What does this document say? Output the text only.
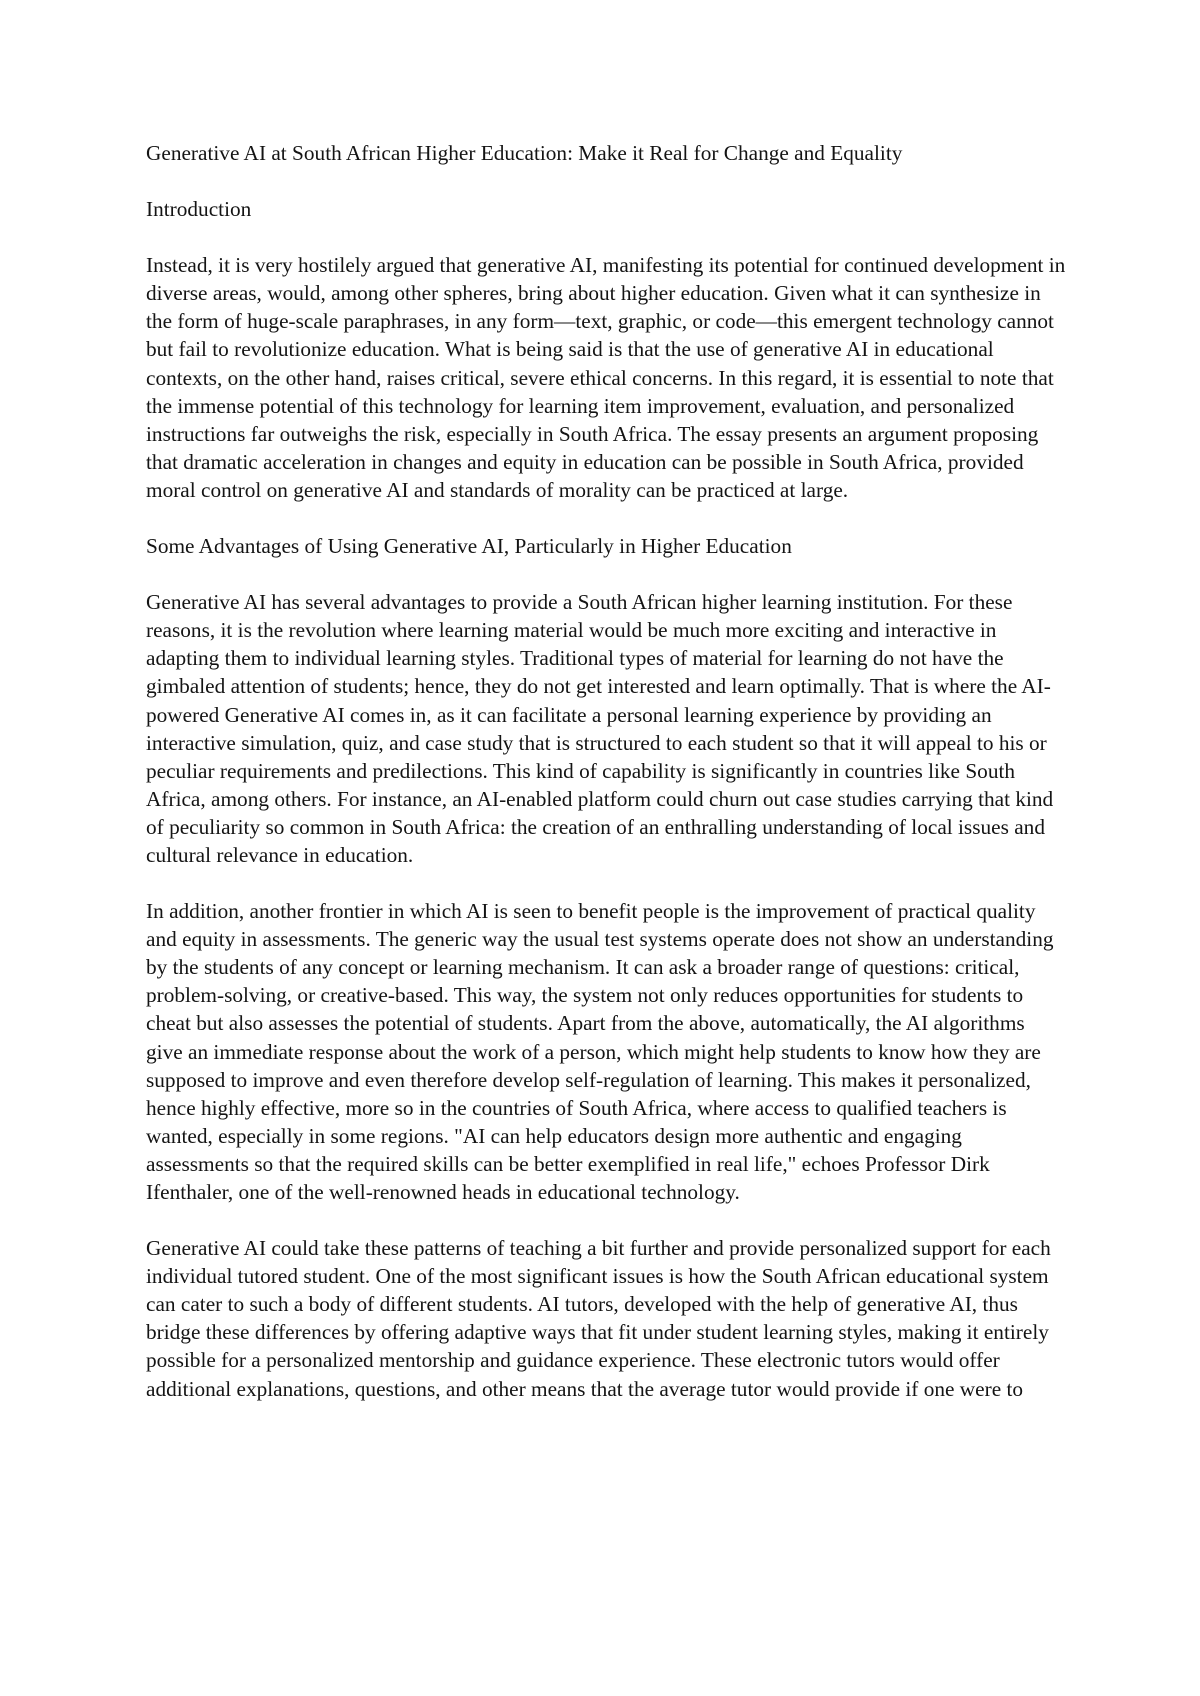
Generative AI at South African Higher Education: Make it Real for Change and Equality

Introduction

Instead, it is very hostilely argued that generative AI, manifesting its potential for continued development in diverse areas, would, among other spheres, bring about higher education. Given what it can synthesize in the form of huge-scale paraphrases, in any form—text, graphic, or code—this emergent technology cannot but fail to revolutionize education. What is being said is that the use of generative AI in educational contexts, on the other hand, raises critical, severe ethical concerns. In this regard, it is essential to note that the immense potential of this technology for learning item improvement, evaluation, and personalized instructions far outweighs the risk, especially in South Africa. The essay presents an argument proposing that dramatic acceleration in changes and equity in education can be possible in South Africa, provided moral control on generative AI and standards of morality can be practiced at large.

Some Advantages of Using Generative AI, Particularly in Higher Education

Generative AI has several advantages to provide a South African higher learning institution. For these reasons, it is the revolution where learning material would be much more exciting and interactive in adapting them to individual learning styles. Traditional types of material for learning do not have the gimbaled attention of students; hence, they do not get interested and learn optimally. That is where the AI-powered Generative AI comes in, as it can facilitate a personal learning experience by providing an interactive simulation, quiz, and case study that is structured to each student so that it will appeal to his or peculiar requirements and predilections. This kind of capability is significantly in countries like South Africa, among others. For instance, an AI-enabled platform could churn out case studies carrying that kind of peculiarity so common in South Africa: the creation of an enthralling understanding of local issues and cultural relevance in education.

In addition, another frontier in which AI is seen to benefit people is the improvement of practical quality and equity in assessments. The generic way the usual test systems operate does not show an understanding by the students of any concept or learning mechanism. It can ask a broader range of questions: critical, problem-solving, or creative-based. This way, the system not only reduces opportunities for students to cheat but also assesses the potential of students. Apart from the above, automatically, the AI algorithms give an immediate response about the work of a person, which might help students to know how they are supposed to improve and even therefore develop self-regulation of learning. This makes it personalized, hence highly effective, more so in the countries of South Africa, where access to qualified teachers is wanted, especially in some regions. "AI can help educators design more authentic and engaging assessments so that the required skills can be better exemplified in real life," echoes Professor Dirk Ifenthaler, one of the well-renowned heads in educational technology.

Generative AI could take these patterns of teaching a bit further and provide personalized support for each individual tutored student. One of the most significant issues is how the South African educational system can cater to such a body of different students. AI tutors, developed with the help of generative AI, thus bridge these differences by offering adaptive ways that fit under student learning styles, making it entirely possible for a personalized mentorship and guidance experience. These electronic tutors would offer additional explanations, questions, and other means that the average tutor would provide if one were to
